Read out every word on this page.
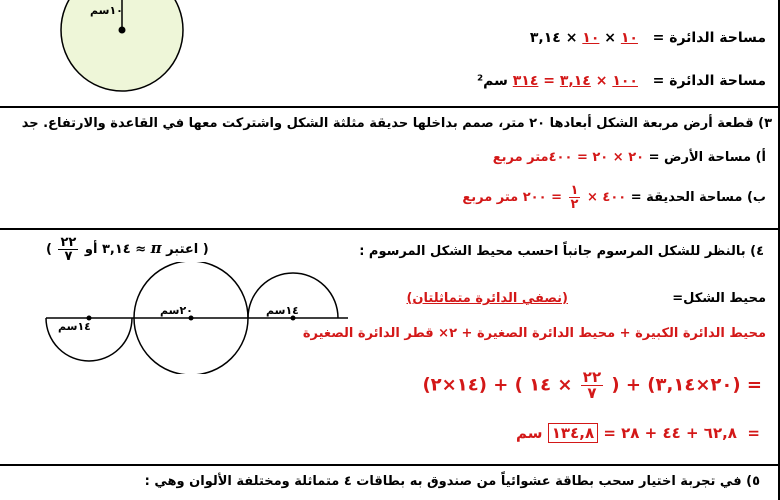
١٠سم
مساحة الدائرة =   ١٠ × ١٠ × ٣,١٤
مساحة الدائرة =   ١٠٠ × ٣,١٤ = ٣١٤ سم²
٣) قطعة أرض مربعة الشكل أبعادها ٢٠ متر، صمم بداخلها حديقة مثلثة الشكل واشتركت معها في القاعدة والارتفاع. جد
أ) مساحة الأرض = ٢٠ × ٢٠ = ٤٠٠متر مربع
ب) مساحة الحديقة = ٤٠٠ ×
$\frac{١}{٢}$
= ٢٠٠ متر مربع
٤) بالنظر للشكل المرسوم جانباً احسب محيط الشكل المرسوم :
( اعتبر π ≈ ٣,١٤ أو
$\frac{٢٢}{٧}$
)
١٤سم
٢٠سم	١٤سم
محيط الشكل=
(نصفي الدائرة متماثلتان)
محيط الدائرة الكبيرة + محيط الدائرة الصغيرة + ٢× قطر الدائرة الصغيرة
= (٢٠×٣,١٤) + (
$\frac{٢٢}{٧}$
× ١٤ ) + (١٤×٢)
=  ٦٢,٨ + ٤٤ + ٢٨ = ١٣٤,٨ سم
٥) في تجربة اختيار سحب بطاقة عشوائياً من صندوق به بطاقات ٤ متماثلة ومختلفة الألوان وهي :
